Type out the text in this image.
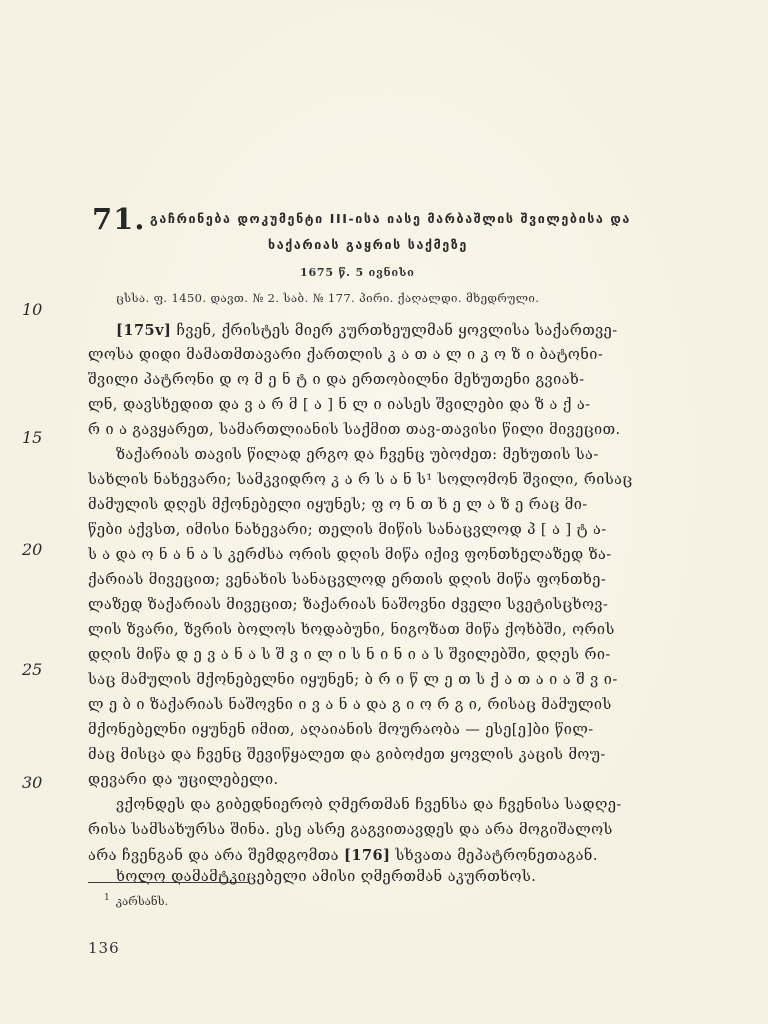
71. გაჩრინება დოკუმენტი III-ისა იასე მარბაშლის შვილებისა და
ხაქარიას გაყრის საქმეზე
1675 წ. 5 ივნისი
ცსსა. ფ. 1450. დავთ. № 2. საბ. № 177. პირი. ქაღალდი. მხედრული.
10
15
20
25
30
[175v] ჩვენ, ქრისტეს მიერ კურთხეულმან ყოვლისა საქართვე-
ლოსა დიდი მამათმთავარი ქართლის კ ა თ ა ლ ი კ ო ზ ი ბატონი-
შვილი პატრონი დ ო მ ე ნ ტ ი და ერთობილნი მეხუთენი გვიახ-
ლნ, დავსხედით და ვ ა რ მ [ ა ] ნ ლ ი იასეს შვილები და ზ ა ქ ა-
რ ი ა გავყარეთ, სამართლიანის საქმით თავ-თავისი წილი მივეცით.
ზაქარიას თავის წილად ერგო და ჩვენც უბოძეთ: მეხუთის სა-
სახლის ნახევარი; სამკვიდრო კ ა რ ს ა ნ ს¹ სოლომონ შვილი, რისაც
მამულის დღეს მქონებელი იყუნეს; ფ ო ნ თ ხ ე ლ ა ზ ე რაც მი-
წები აქვსთ, იმისი ნახევარი; თელის მიწის სანაცვლოდ პ [ ა ] ტ ა-
ს ა და ო ნ ა ნ ა ს კერძსა ორის დღის მიწა იქივ ფონთხელაზედ ზა-
ქარიას მივეცით; ვენახის სანაცვლოდ ერთის დღის მიწა ფონთხე-
ლაზედ ზაქარიას მივეცით; ზაქარიას ნაშოვნი ძველი სვეტისცხოვ-
ლის ზვარი, ზვრის ბოლოს ხოდაბუნი, ნიგოზათ მიწა ქოხბში, ორის
დღის მიწა დ ე ვ ა ნ ა ს შ ვ ი ლ ი ს ნ ი ნ ი ა ს შვილებში, დღეს რი-
საც მამულის მქონებელნი იყუნენ; ბ რ ი წ ლ ე თ ს ქ ა თ ა ი ა შ ვ ი-
ლ ე ბ ი ზაქარიას ნაშოვნი ი ვ ა ნ ა და გ ი ო რ გ ი, რისაც მამულის
მქონებელნი იყუნენ იმით, აღაიანის მოურაობა — ესე[ე]ბი წილ-
მაც მისცა და ჩვენც შევიწყალეთ და გიბოძეთ ყოვლის კაცის მოუ-
დევარი და უცილებელი.
ვქონდეს და გიბედნიერობ ღმერთმან ჩვენსა და ჩვენისა სადღე-
რისა სამსახურსა შინა. ესე ასრე გაგვითავდეს და არა მოგიშალოს
არა ჩვენგან და არა შემდგომთა [176] სხვათა მეპატრონეთაგან.
ხოლო დამამტკიცებელი ამისი ღმერთმან აკურთხოს.
$^1$ კარსანს.
136
